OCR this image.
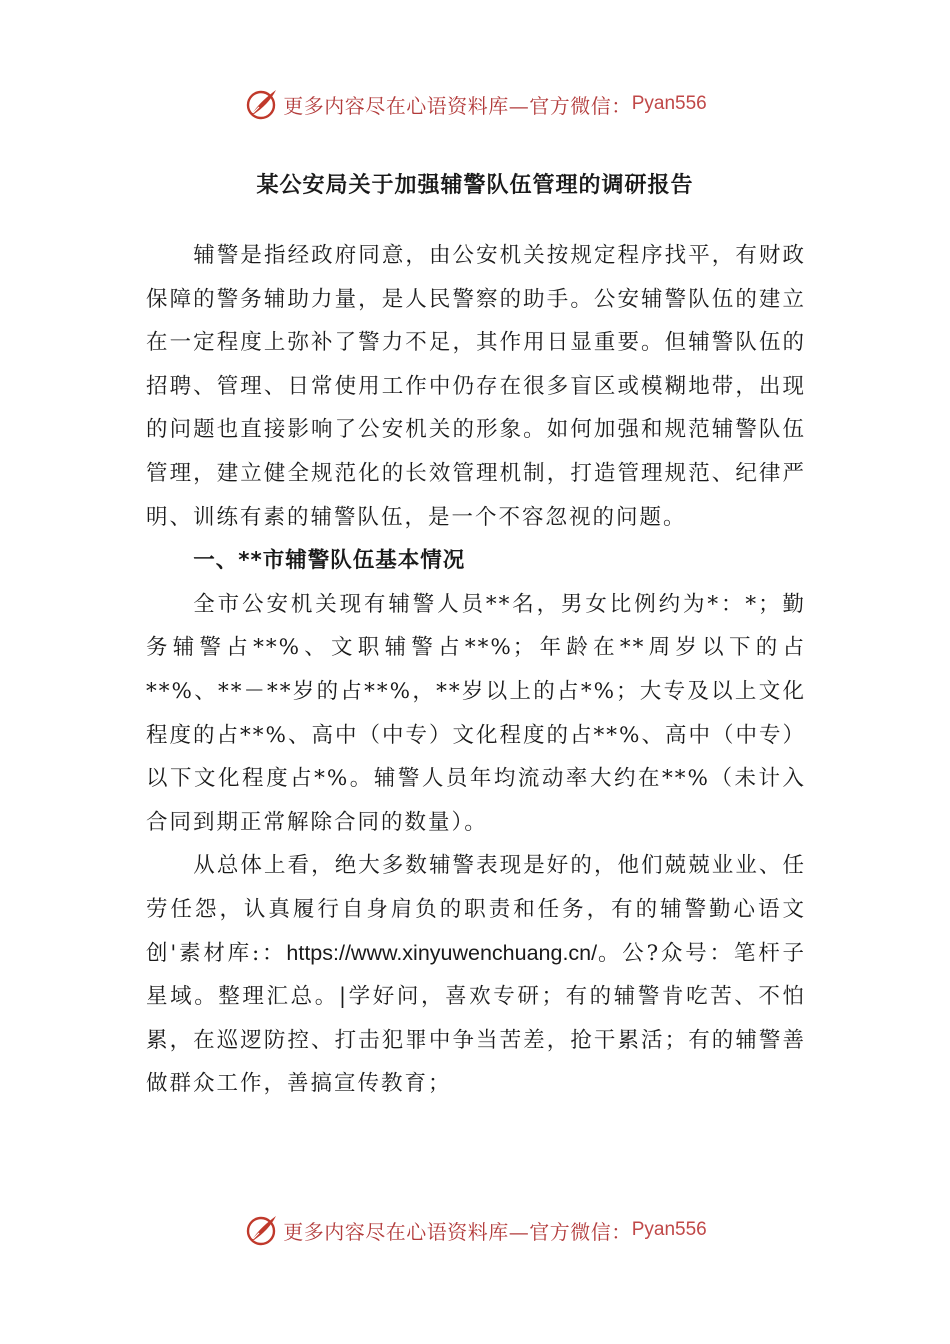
更多内容尽在心语资料库—官方微信： Pyan556
某公安局关于加强辅警队伍管理的调研报告

辅警是指经政府同意，由公安机关按规定程序找平，有财政保障的警务辅助力量，是人民警察的助手。公安辅警队伍的建立在一定程度上弥补了警力不足，其作用日显重要。但辅警队伍的招聘、管理、日常使用工作中仍存在很多盲区或模糊地带，出现的问题也直接影响了公安机关的形象。如何加强和规范辅警队伍管理，建立健全规范化的长效管理机制，打造管理规范、纪律严明、训练有素的辅警队伍，是一个不容忽视的问题。

一、**市辅警队伍基本情况

全市公安机关现有辅警人员**名，男女比例约为*：*；勤务辅警占**%、文职辅警占**%；年龄在**周岁以下的占**%、**－**岁的占**%，**岁以上的占*%；大专及以上文化程度的占**%、高中（中专）文化程度的占**%、高中（中专）以下文化程度占*%。辅警人员年均流动率大约在**%（未计入合同到期正常解除合同的数量）。

从总体上看，绝大多数辅警表现是好的，他们兢兢业业、任劳任怨，认真履行自身肩负的职责和任务，有的辅警勤心语文创'素材库:：https://www.xinyuwenchuang.cn/。公?众号：笔杆子星域。整理汇总。|学好问，喜欢专研；有的辅警肯吃苦、不怕累，在巡逻防控、打击犯罪中争当苦差，抢干累活；有的辅警善做群众工作，善搞宣传教育；

更多内容尽在心语资料库—官方微信： Pyan556
